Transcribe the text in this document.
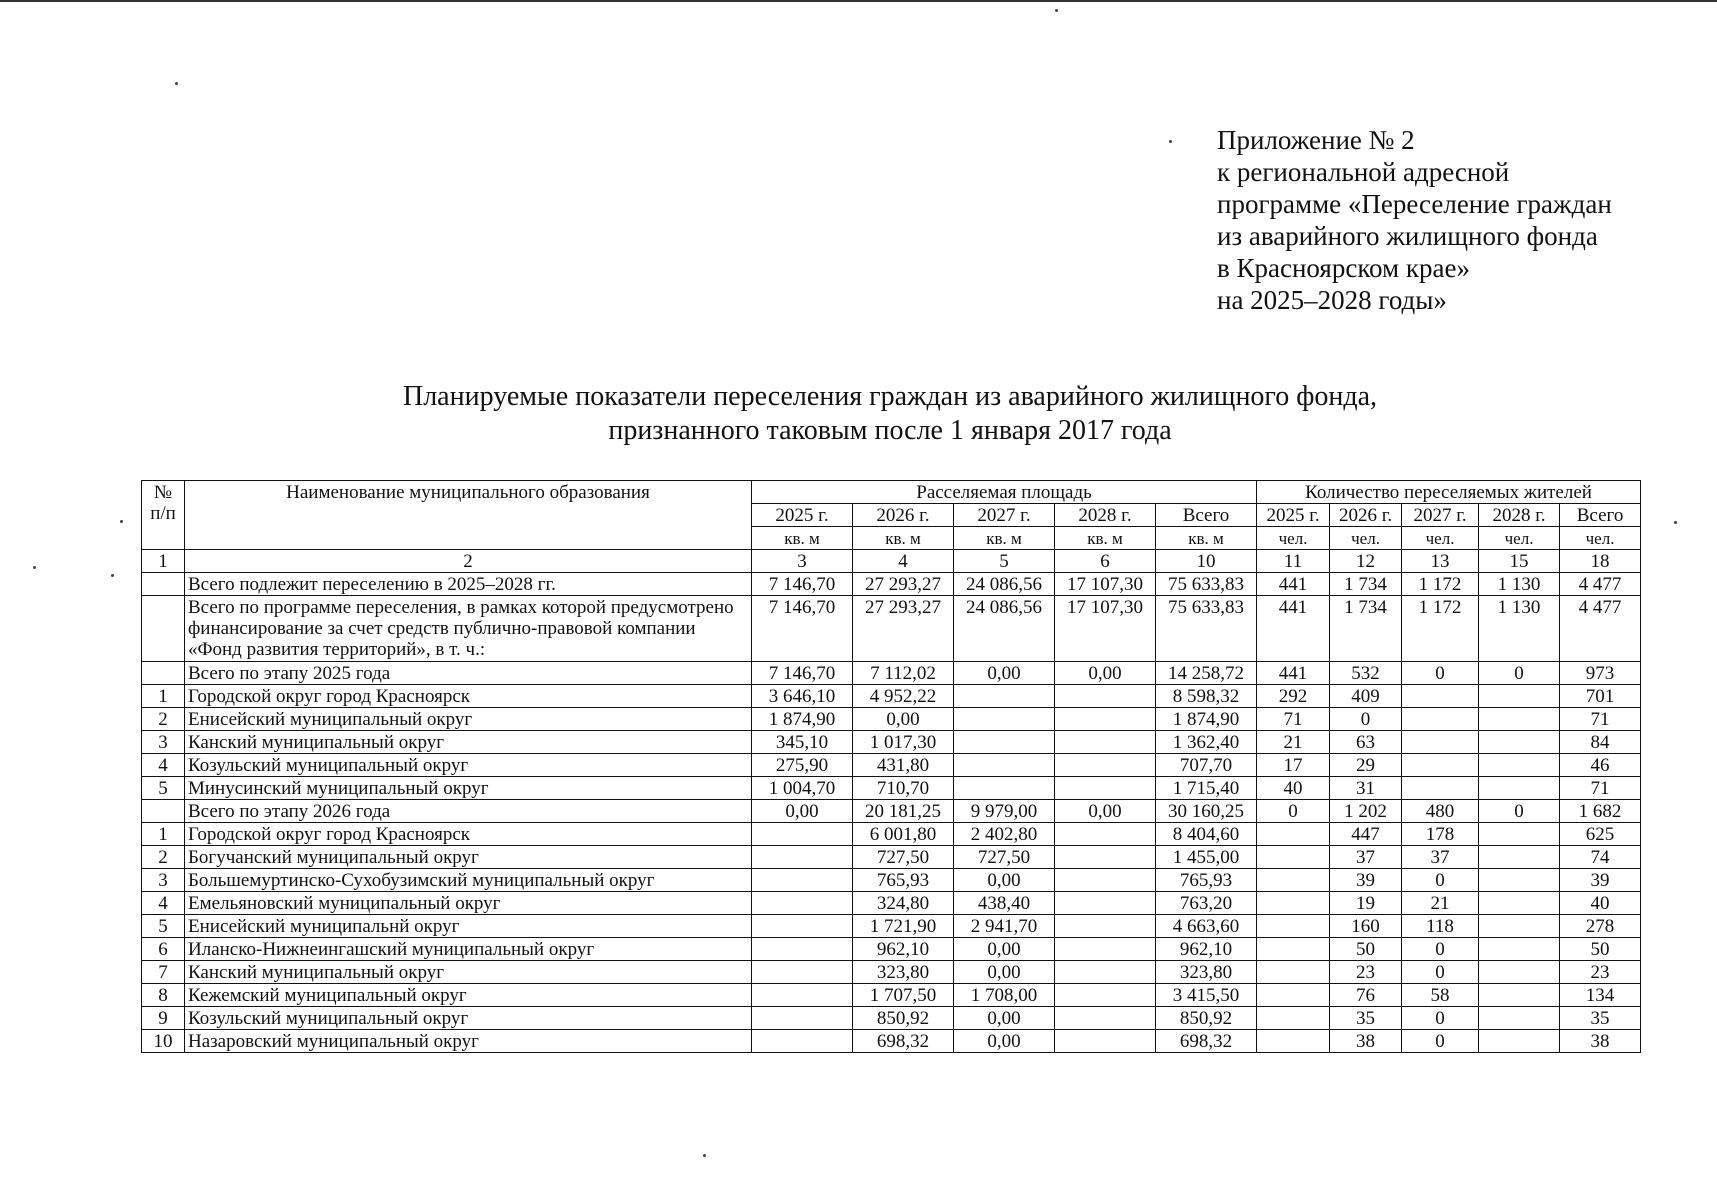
Приложение № 2
к региональной адресной
программе «Переселение граждан
из аварийного жилищного фонда
в Красноярском крае»
на 2025–2028 годы»
Планируемые показатели переселения граждан из аварийного жилищного фонда,
признанного таковым после 1 января 2017 года
№ п/п	Наименование муниципального образования	Расселяемая площадь					Количество переселяемых жителей				
		2025 г.	2026 г.	2027 г.	2028 г.	Всего	2025 г.	2026 г.	2027 г.	2028 г.	Всего
		кв. м	кв. м	кв. м	кв. м	кв. м	чел.	чел.	чел.	чел.	чел.
1	2	3	4	5	6	10	11	12	13	15	18
	Всего подлежит переселению в 2025–2028 гг.	7 146,70	27 293,27	24 086,56	17 107,30	75 633,83	441	1 734	1 172	1 130	4 477
	Всего по программе переселения, в рамках которой предусмотрено финансирование за счет средств публично-правовой компании «Фонд развития территорий», в т. ч.:	7 146,70	27 293,27	24 086,56	17 107,30	75 633,83	441	1 734	1 172	1 130	4 477
	Всего по этапу 2025 года	7 146,70	7 112,02	0,00	0,00	14 258,72	441	532	0	0	973
1	Городской округ город Красноярск	3 646,10	4 952,22			8 598,32	292	409			701
2	Енисейский муниципальный округ	1 874,90	0,00			1 874,90	71	0			71
3	Канский муниципальный округ	345,10	1 017,30			1 362,40	21	63			84
4	Козульский муниципальный округ	275,90	431,80			707,70	17	29			46
5	Минусинский муниципальный округ	1 004,70	710,70			1 715,40	40	31			71
	Всего по этапу 2026 года	0,00	20 181,25	9 979,00	0,00	30 160,25	0	1 202	480	0	1 682
1	Городской округ город Красноярск		6 001,80	2 402,80		8 404,60		447	178		625
2	Богучанский муниципальный округ		727,50	727,50		1 455,00		37	37		74
3	Большемуртинско-Сухобузимский муниципальный округ		765,93	0,00		765,93		39	0		39
4	Емельяновский муниципальный округ		324,80	438,40		763,20		19	21		40
5	Енисейский муниципальнй округ		1 721,90	2 941,70		4 663,60		160	118		278
6	Иланско-Нижнеингашский муниципальный округ		962,10	0,00		962,10		50	0		50
7	Канский муниципальный округ		323,80	0,00		323,80		23	0		23
8	Кежемский муниципальный округ		1 707,50	1 708,00		3 415,50		76	58		134
9	Козульский муниципальный округ		850,92	0,00		850,92		35	0		35
10	Назаровский муниципальный округ		698,32	0,00		698,32		38	0		38
